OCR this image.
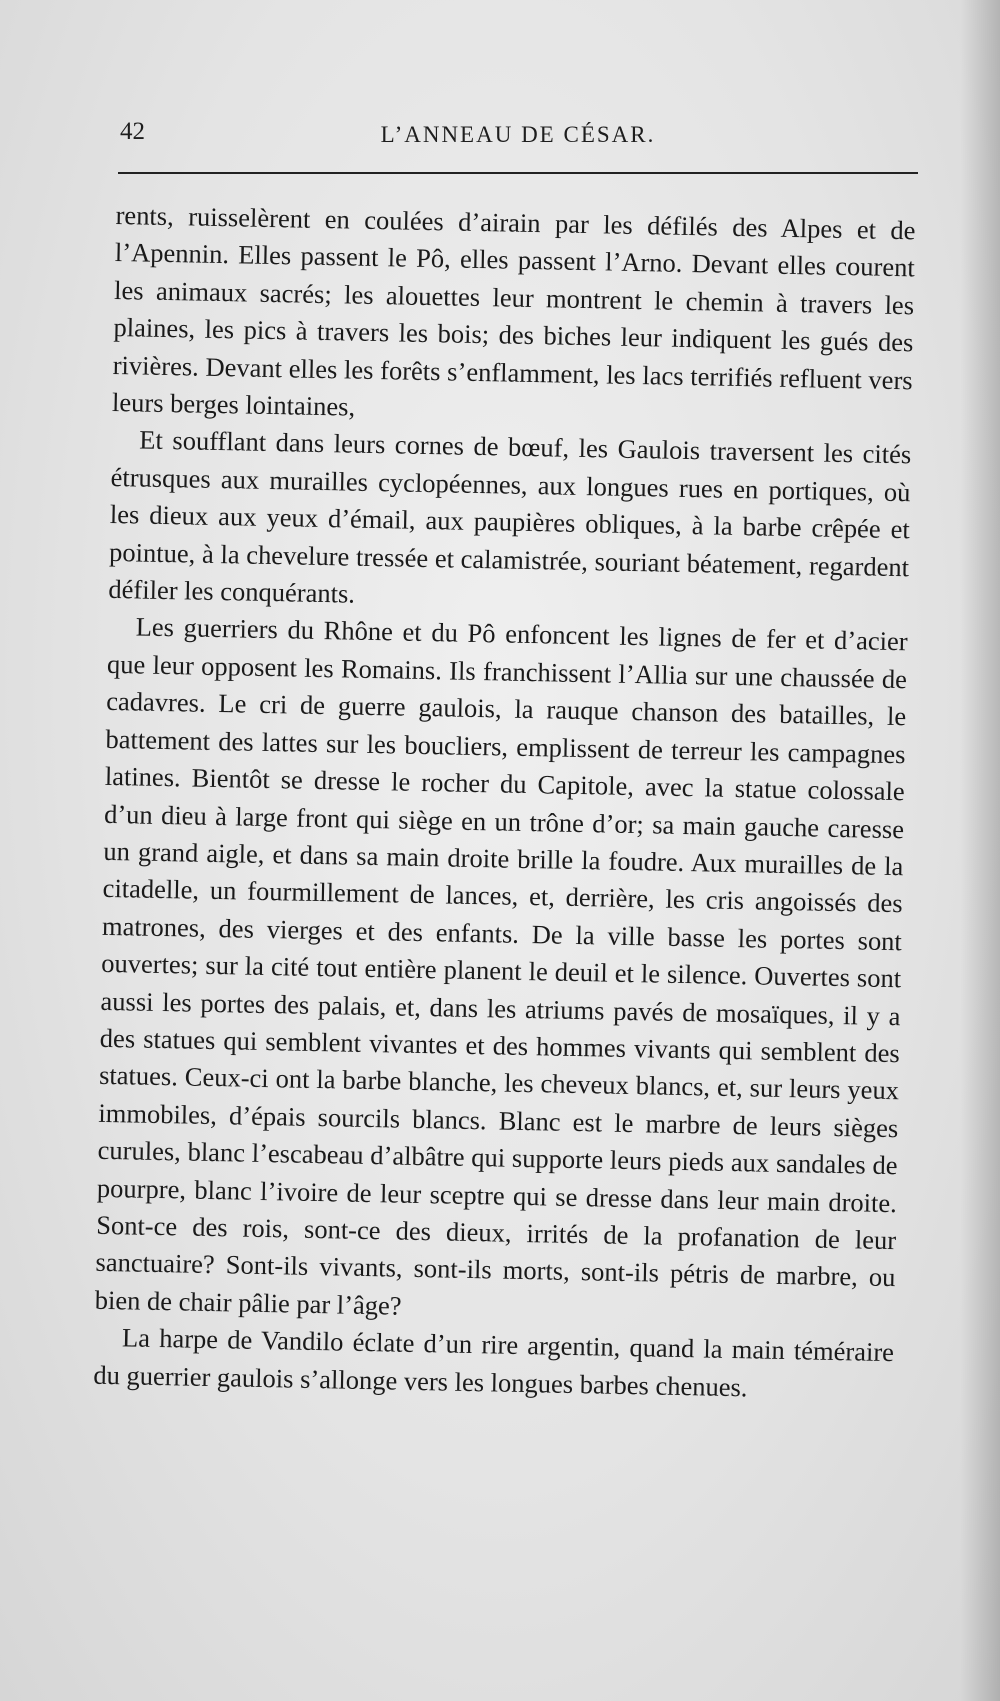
42	L’ANNEAU DE CÉSAR.

rents, ruisselèrent en coulées d’airain par les défilés des Alpes et de l’Apennin. Elles passent le Pô, elles passent l’Arno. Devant elles courent les animaux sacrés; les alouettes leur montrent le chemin à travers les plaines, les pics à travers les bois; des biches leur indiquent les gués des rivières. Devant elles les forêts s’enflamment, les lacs terrifiés refluent vers leurs berges lointaines,

Et soufflant dans leurs cornes de bœuf, les Gaulois traversent les cités étrusques aux murailles cyclopéennes, aux longues rues en portiques, où les dieux aux yeux d’émail, aux paupières obliques, à la barbe crêpée et pointue, à la chevelure tressée et calamistrée, souriant béatement, regardent défiler les conquérants.

Les guerriers du Rhône et du Pô enfoncent les lignes de fer et d’acier que leur opposent les Romains. Ils franchissent l’Allia sur une chaussée de cadavres. Le cri de guerre gaulois, la rauque chanson des batailles, le battement des lattes sur les boucliers, emplissent de terreur les campagnes latines. Bientôt se dresse le rocher du Capitole, avec la statue colossale d’un dieu à large front qui siège en un trône d’or; sa main gauche caresse un grand aigle, et dans sa main droite brille la foudre. Aux murailles de la citadelle, un fourmillement de lances, et, derrière, les cris angoissés des matrones, des vierges et des enfants. De la ville basse les portes sont ouvertes; sur la cité tout entière planent le deuil et le silence. Ouvertes sont aussi les portes des palais, et, dans les atriums pavés de mosaïques, il y a des statues qui semblent vivantes et des hommes vivants qui semblent des statues. Ceux-ci ont la barbe blanche, les cheveux blancs, et, sur leurs yeux immobiles, d’épais sourcils blancs. Blanc est le marbre de leurs sièges curules, blanc l’escabeau d’albâtre qui supporte leurs pieds aux sandales de pourpre, blanc l’ivoire de leur sceptre qui se dresse dans leur main droite. Sont-ce des rois, sont-ce des dieux, irrités de la profanation de leur sanctuaire? Sont-ils vivants, sont-ils morts, sont-ils pétris de marbre, ou bien de chair pâlie par l’âge?

La harpe de Vandilo éclate d’un rire argentin, quand la main téméraire du guerrier gaulois s’allonge vers les longues barbes chenues.
